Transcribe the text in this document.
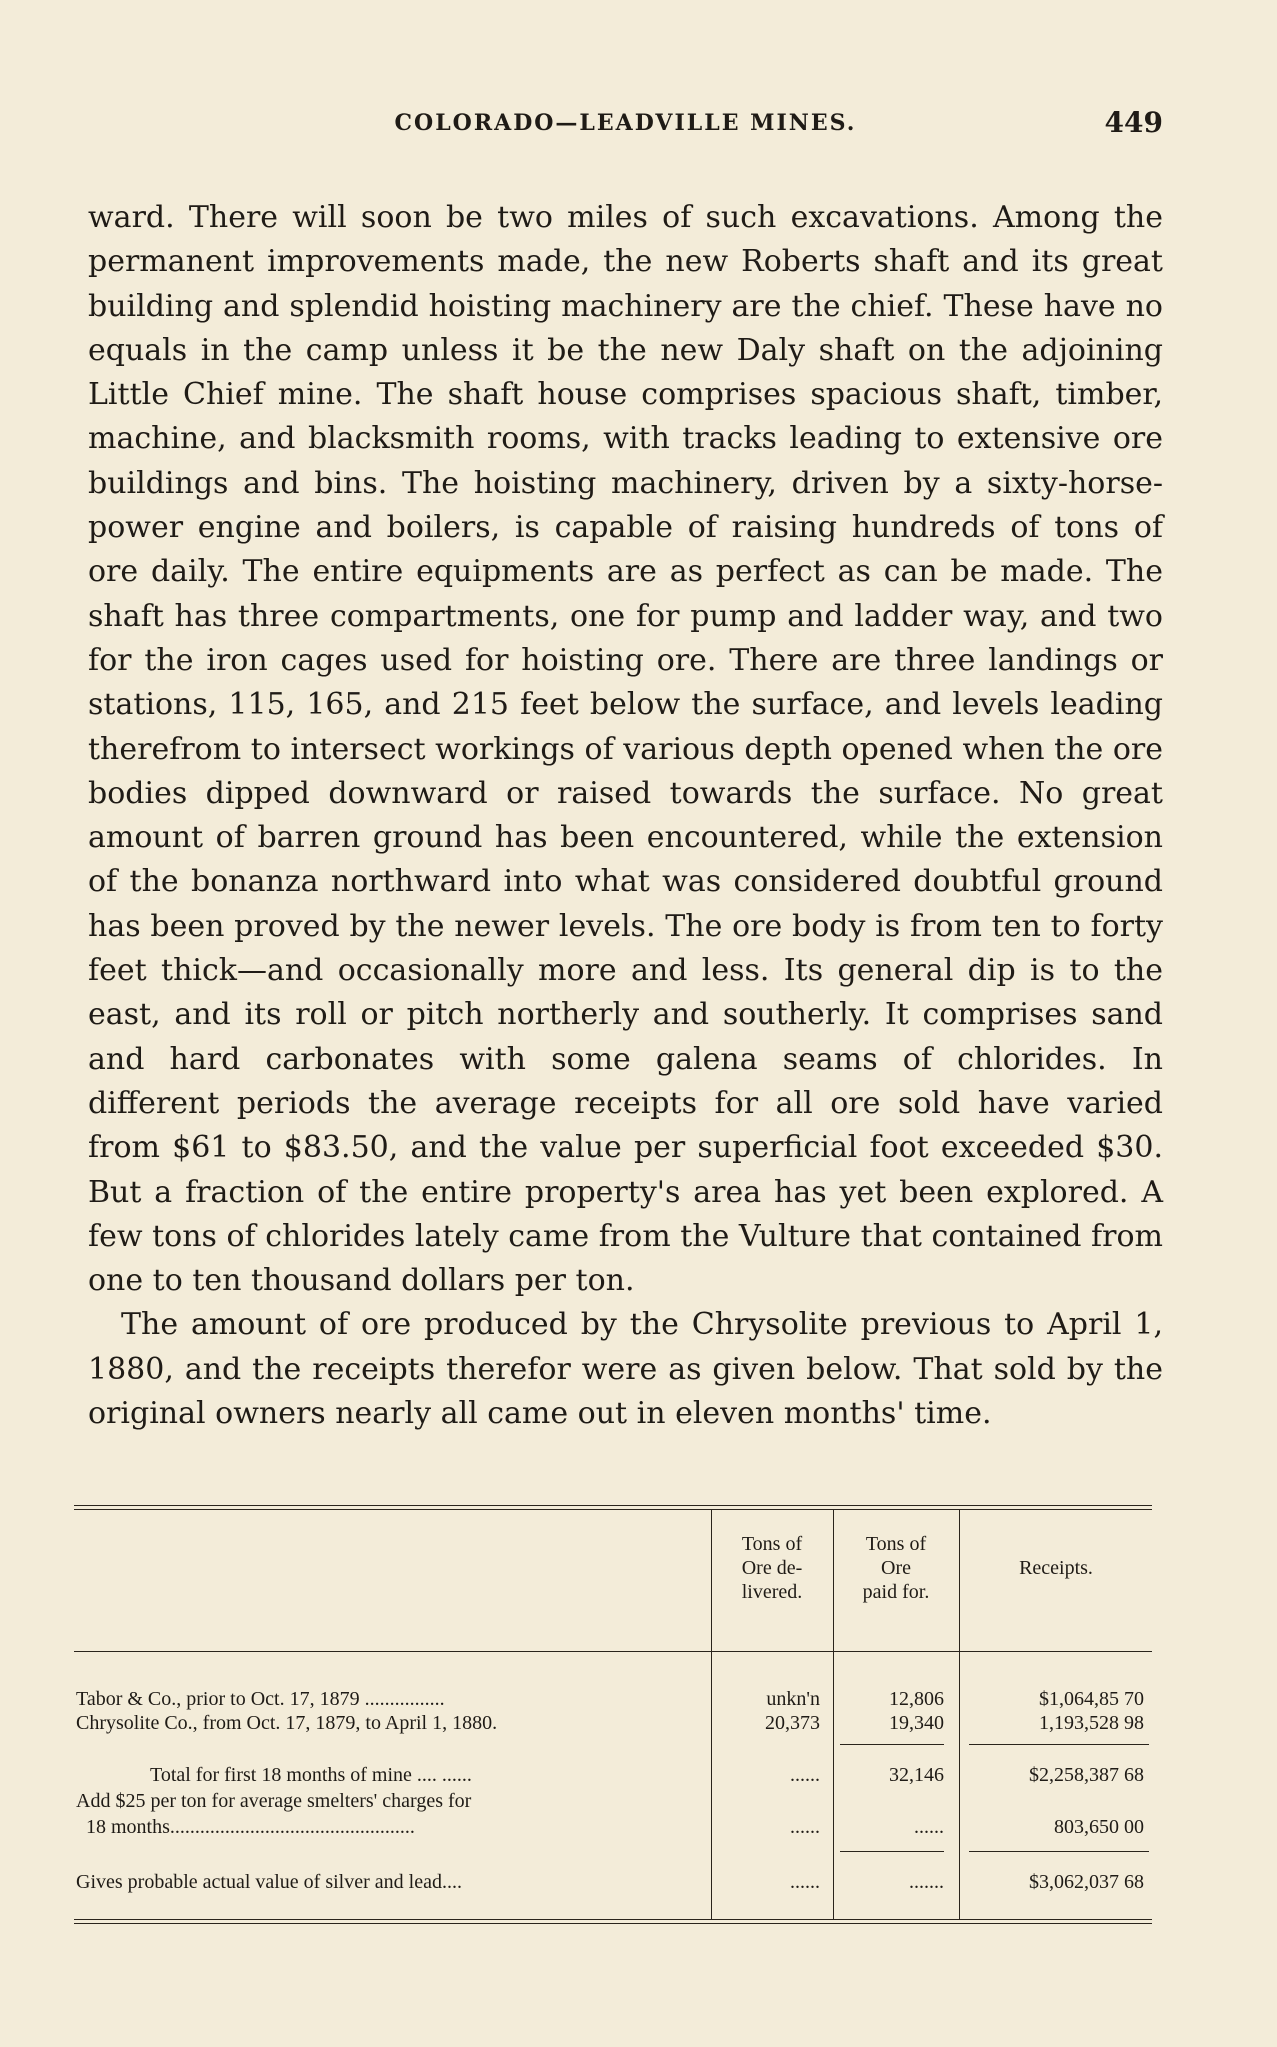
COLORADO—LEADVILLE MINES.	449

ward. There will soon be two miles of such excavations. Among the permanent improvements made, the new Roberts shaft and its great building and splendid hoisting machinery are the chief. These have no equals in the camp unless it be the new Daly shaft on the adjoining Little Chief mine. The shaft house comprises spacious shaft, timber, machine, and blacksmith rooms, with tracks leading to extensive ore buildings and bins. The hoisting machinery, driven by a sixty-horse-power engine and boilers, is capable of raising hundreds of tons of ore daily. The entire equipments are as perfect as can be made. The shaft has three compartments, one for pump and ladder way, and two for the iron cages used for hoisting ore. There are three landings or stations, 115, 165, and 215 feet below the surface, and levels leading therefrom to intersect workings of various depth opened when the ore bodies dipped downward or raised towards the surface. No great amount of barren ground has been encountered, while the extension of the bonanza northward into what was considered doubtful ground has been proved by the newer levels. The ore body is from ten to forty feet thick—and occasionally more and less. Its general dip is to the east, and its roll or pitch northerly and southerly. It comprises sand and hard carbonates with some galena seams of chlorides. In different periods the average receipts for all ore sold have varied from $61 to $83.50, and the value per superficial foot exceeded $30. But a fraction of the entire property's area has yet been explored. A few tons of chlorides lately came from the Vulture that contained from one to ten thousand dollars per ton.

The amount of ore produced by the Chrysolite previous to April 1, 1880, and the receipts therefor were as given below. That sold by the original owners nearly all came out in eleven months' time.

Tons of
Ore de-
livered.
Tons of
Ore
paid for.
Receipts.
Tabor & Co., prior to Oct. 17, 1879 ................	unkn'n	12,806	$1,064,85 70
Chrysolite Co., from Oct. 17, 1879, to April 1, 1880.	20,373	19,340	1,193,528 98
Total for first 18 months of mine .... ......	......	32,146	$2,258,387 68
Add $25 per ton for average smelters' charges for
18 months.................................................	......	......	803,650 00
Gives probable actual value of silver and lead....	......	.......	$3,062,037 68
